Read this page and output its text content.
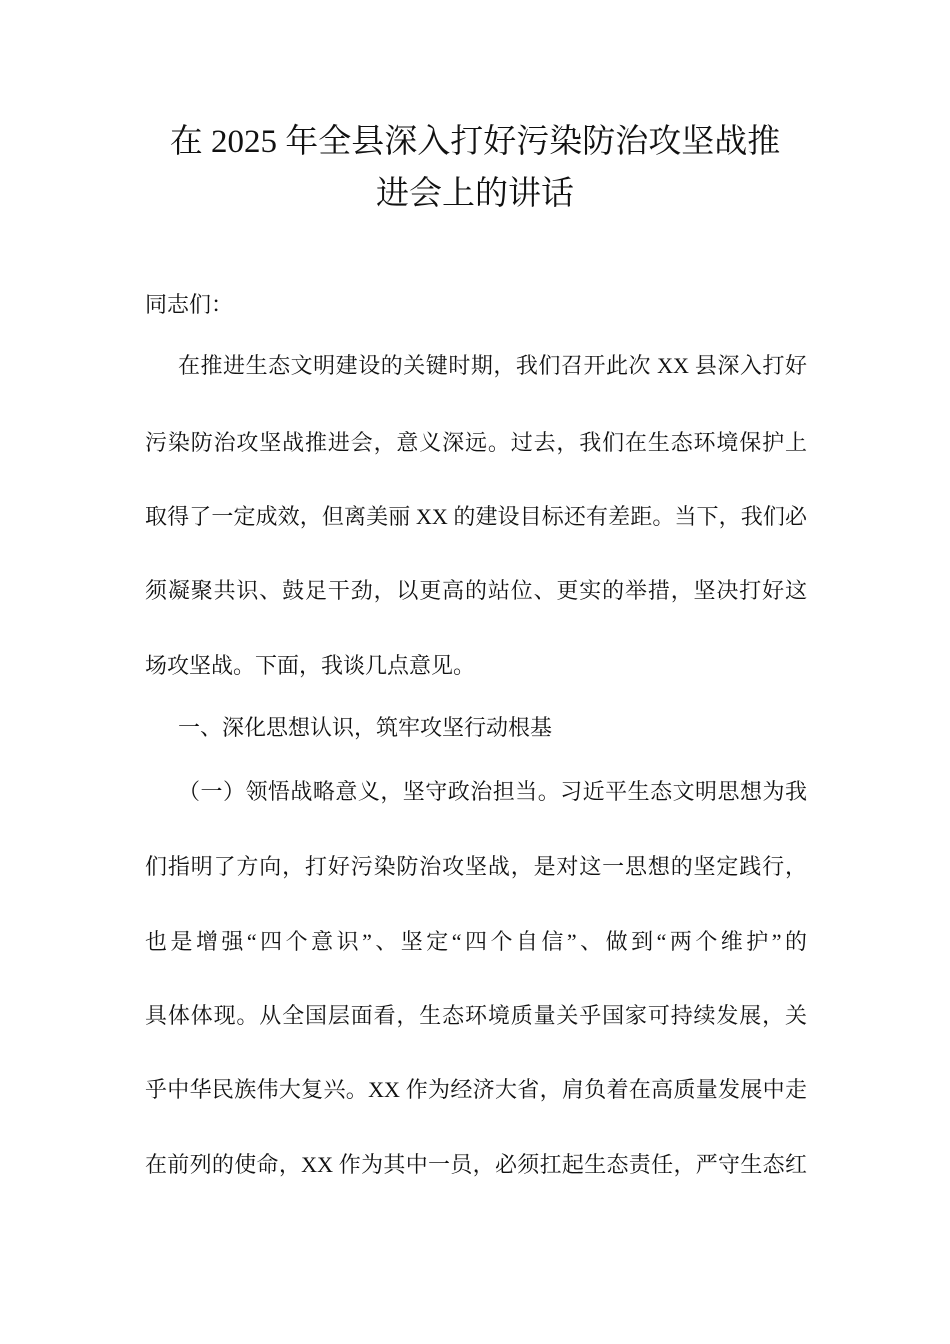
在 2025 年全县深入打好污染防治攻坚战推
进会上的讲话
同志们：
在推进生态文明建设的关键时期，我们召开此次 XX 县深入打好
污染防治攻坚战推进会，意义深远。过去，我们在生态环境保护上
取得了一定成效，但离美丽 XX 的建设目标还有差距。当下，我们必
须凝聚共识、鼓足干劲，以更高的站位、更实的举措，坚决打好这
场攻坚战。下面，我谈几点意见。
一、深化思想认识，筑牢攻坚行动根基
（一）领悟战略意义，坚守政治担当。习近平生态文明思想为我
们指明了方向，打好污染防治攻坚战，是对这一思想的坚定践行，
也是增强“四个意识”、坚定“四个自信”、做到“两个维护”的
具体体现。从全国层面看，生态环境质量关乎国家可持续发展，关
乎中华民族伟大复兴。XX 作为经济大省，肩负着在高质量发展中走
在前列的使命，XX 作为其中一员，必须扛起生态责任，严守生态红
